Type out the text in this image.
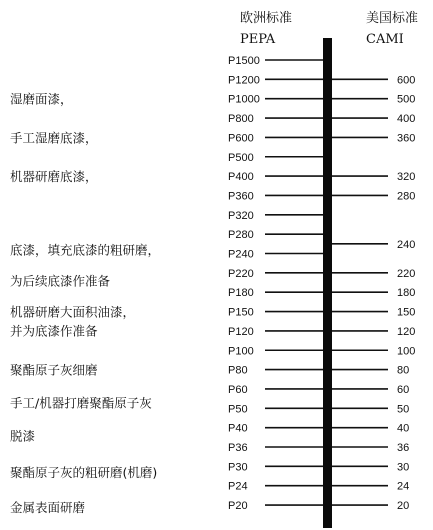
欧洲标准
PEPA
美国标准
CAMI
P1500
P1200
P1000
P800
P600
P500
P400
P360
P320
P280
P240
P220
P180
P150
P120
P100
P80
P60
P50
P40
P36
P30
P24
P20
600
500
400
360
320
280
240
220
180
150
120
100
80
60
50
40
36
30
24
20
湿磨面漆，
手工湿磨底漆，
机器研磨底漆，
底漆，填充底漆的粗研磨，
为后续底漆作准备
机器研磨大面积油漆，
并为底漆作准备
聚酯原子灰细磨
手工/机器打磨聚酯原子灰
脱漆
聚酯原子灰的粗研磨(机磨)
金属表面研磨
